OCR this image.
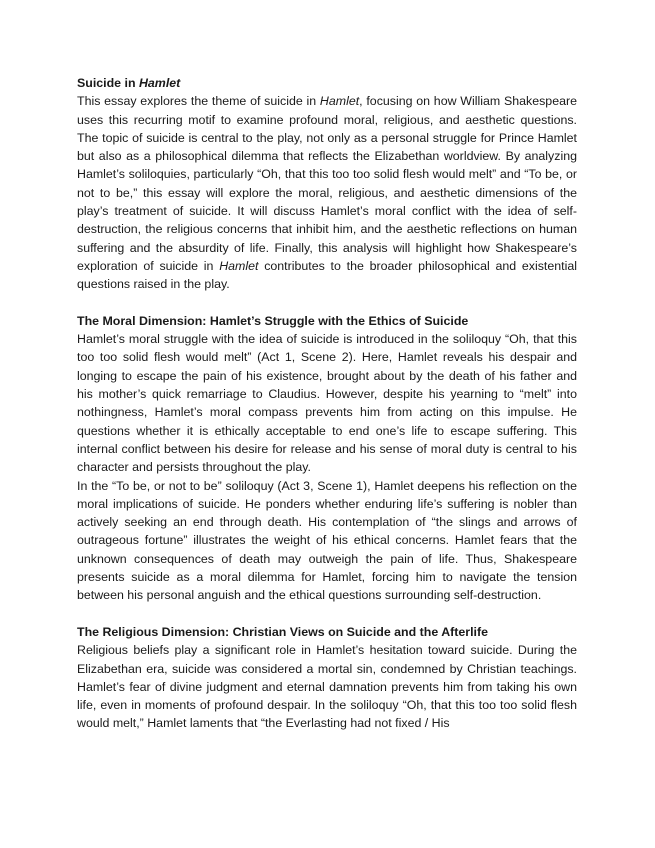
Suicide in Hamlet

This essay explores the theme of suicide in Hamlet, focusing on how William Shakespeare uses this recurring motif to examine profound moral, religious, and aesthetic questions. The topic of suicide is central to the play, not only as a personal struggle for Prince Hamlet but also as a philosophical dilemma that reflects the Elizabethan worldview. By analyzing Hamlet’s soliloquies, particularly “Oh, that this too too solid flesh would melt” and “To be, or not to be,” this essay will explore the moral, religious, and aesthetic dimensions of the play’s treatment of suicide. It will discuss Hamlet’s moral conflict with the idea of self-destruction, the religious concerns that inhibit him, and the aesthetic reflections on human suffering and the absurdity of life. Finally, this analysis will highlight how Shakespeare’s exploration of suicide in Hamlet contributes to the broader philosophical and existential questions raised in the play.

The Moral Dimension: Hamlet’s Struggle with the Ethics of Suicide

Hamlet’s moral struggle with the idea of suicide is introduced in the soliloquy “Oh, that this too too solid flesh would melt” (Act 1, Scene 2). Here, Hamlet reveals his despair and longing to escape the pain of his existence, brought about by the death of his father and his mother’s quick remarriage to Claudius. However, despite his yearning to “melt” into nothingness, Hamlet’s moral compass prevents him from acting on this impulse. He questions whether it is ethically acceptable to end one’s life to escape suffering. This internal conflict between his desire for release and his sense of moral duty is central to his character and persists throughout the play.

In the “To be, or not to be” soliloquy (Act 3, Scene 1), Hamlet deepens his reflection on the moral implications of suicide. He ponders whether enduring life’s suffering is nobler than actively seeking an end through death. His contemplation of “the slings and arrows of outrageous fortune” illustrates the weight of his ethical concerns. Hamlet fears that the unknown consequences of death may outweigh the pain of life. Thus, Shakespeare presents suicide as a moral dilemma for Hamlet, forcing him to navigate the tension between his personal anguish and the ethical questions surrounding self-destruction.

The Religious Dimension: Christian Views on Suicide and the Afterlife

Religious beliefs play a significant role in Hamlet’s hesitation toward suicide. During the Elizabethan era, suicide was considered a mortal sin, condemned by Christian teachings. Hamlet’s fear of divine judgment and eternal damnation prevents him from taking his own life, even in moments of profound despair. In the soliloquy “Oh, that this too too solid flesh would melt,” Hamlet laments that “the Everlasting had not fixed / His
